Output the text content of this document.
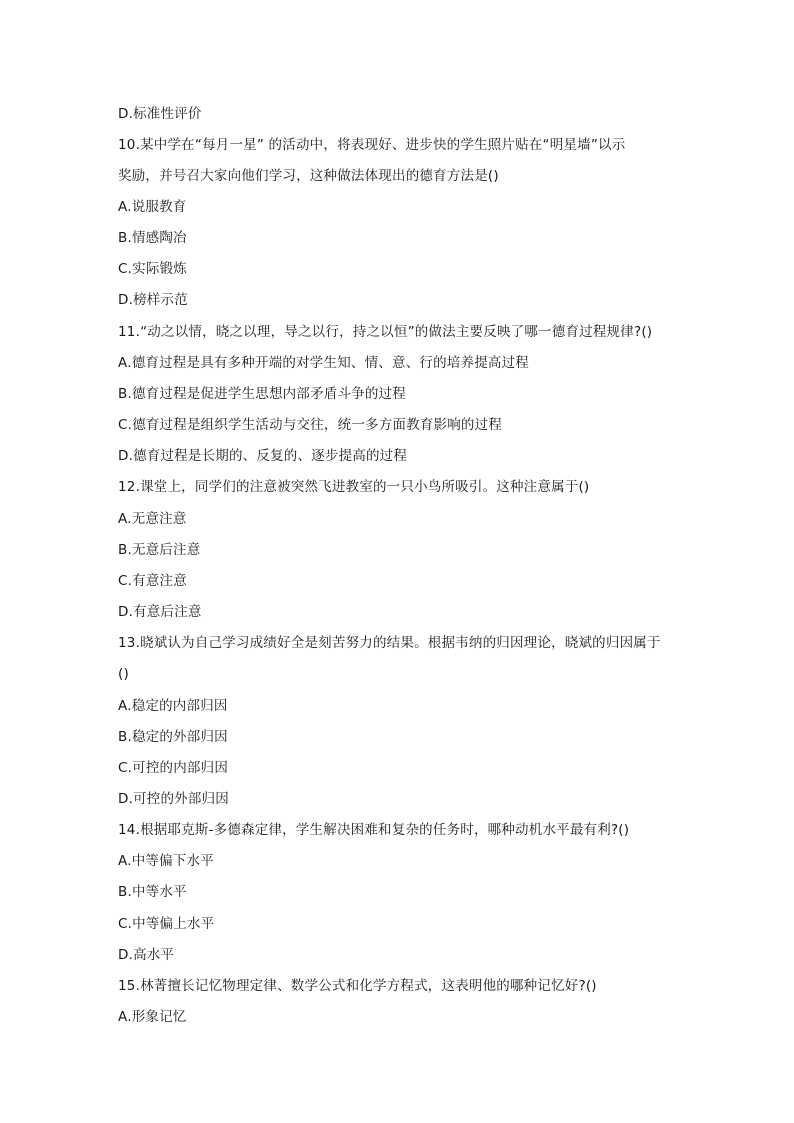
D.标准性评价
10.某中学在“每月一星” 的活动中，将表现好、进步快的学生照片贴在“明星墙”以示
奖励，并号召大家向他们学习，这种做法体现出的德育方法是()
A.说服教育
B.情感陶冶
C.实际锻炼
D.榜样示范
11.“动之以情，晓之以理，导之以行，持之以恒”的做法主要反映了哪一德育过程规律?()
A.德育过程是具有多种开端的对学生知、情、意、行的培养提高过程
B.德育过程是促进学生思想内部矛盾斗争的过程
C.德育过程是组织学生活动与交往，统一多方面教育影响的过程
D.德育过程是长期的、反复的、逐步提高的过程
12.课堂上，同学们的注意被突然飞进教室的一只小鸟所吸引。这种注意属于()
A.无意注意
B.无意后注意
C.有意注意
D.有意后注意
13.晓斌认为自己学习成绩好全是刻苦努力的结果。根据韦纳的归因理论，晓斌的归因属于
()
A.稳定的内部归因
B.稳定的外部归因
C.可控的内部归因
D.可控的外部归因
14.根据耶克斯-多德森定律，学生解决困难和复杂的任务时，哪种动机水平最有利?()
A.中等偏下水平
B.中等水平
C.中等偏上水平
D.高水平
15.林菁擅长记忆物理定律、数学公式和化学方程式，这表明他的哪种记忆好?()
A.形象记忆
